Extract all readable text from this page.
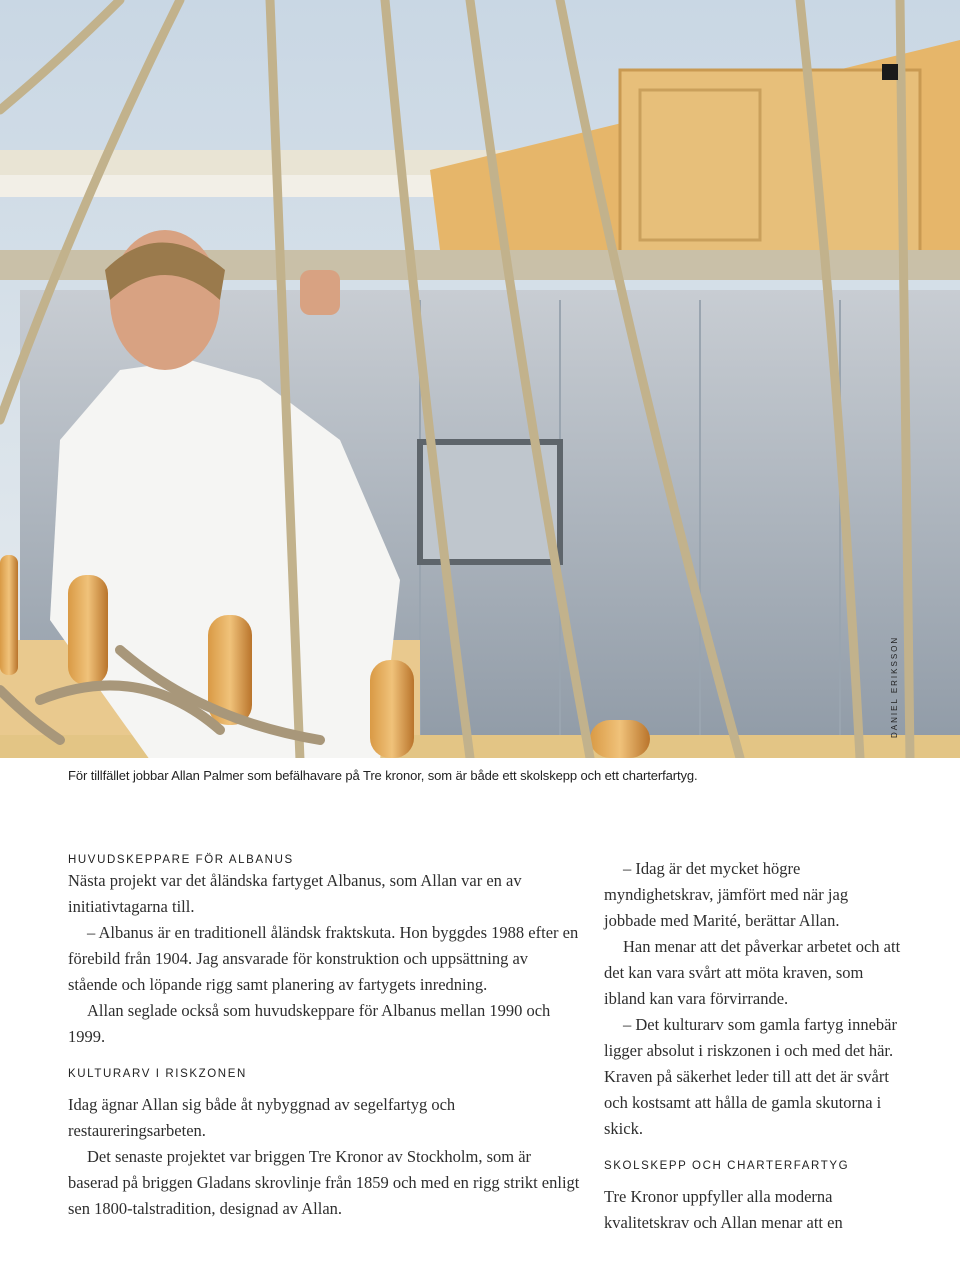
DANIEL ERIKSSON
För tillfället jobbar Allan Palmer som befälhavare på Tre kronor, som är både ett skolskepp och ett charterfartyg.

HUVUDSKEPPARE FÖR ALBANUS

Nästa projekt var det åländska fartyget Albanus, som Allan var en av initiativtagarna till.

– Albanus är en traditionell åländsk fraktskuta. Hon byggdes 1988 efter en förebild från 1904. Jag ansvarade för konstruktion och uppsättning av stående och löpande rigg samt planering av fartygets inredning.

Allan seglade också som huvudskeppare för Albanus mellan 1990 och 1999.

KULTURARV I RISKZONEN

Idag ägnar Allan sig både åt nybyggnad av segelfartyg och restaureringsarbeten.

Det senaste projektet var briggen Tre Kronor av Stockholm, som är baserad på briggen Gladans skrovlinje från 1859 och med en rigg strikt enligt sen 1800-talstradition, designad av Allan.

– Idag är det mycket högre myndighetskrav, jämfört med när jag jobbade med Marité, berättar Allan.

Han menar att det påverkar arbetet och att det kan vara svårt att möta kraven, som ibland kan vara förvirrande.

– Det kulturarv som gamla fartyg innebär ligger absolut i riskzonen i och med det här. Kraven på säkerhet leder till att det är svårt och kostsamt att hålla de gamla skutorna i skick.

SKOLSKEPP OCH CHARTERFARTYG

Tre Kronor uppfyller alla moderna kvalitetskrav och Allan menar att en
